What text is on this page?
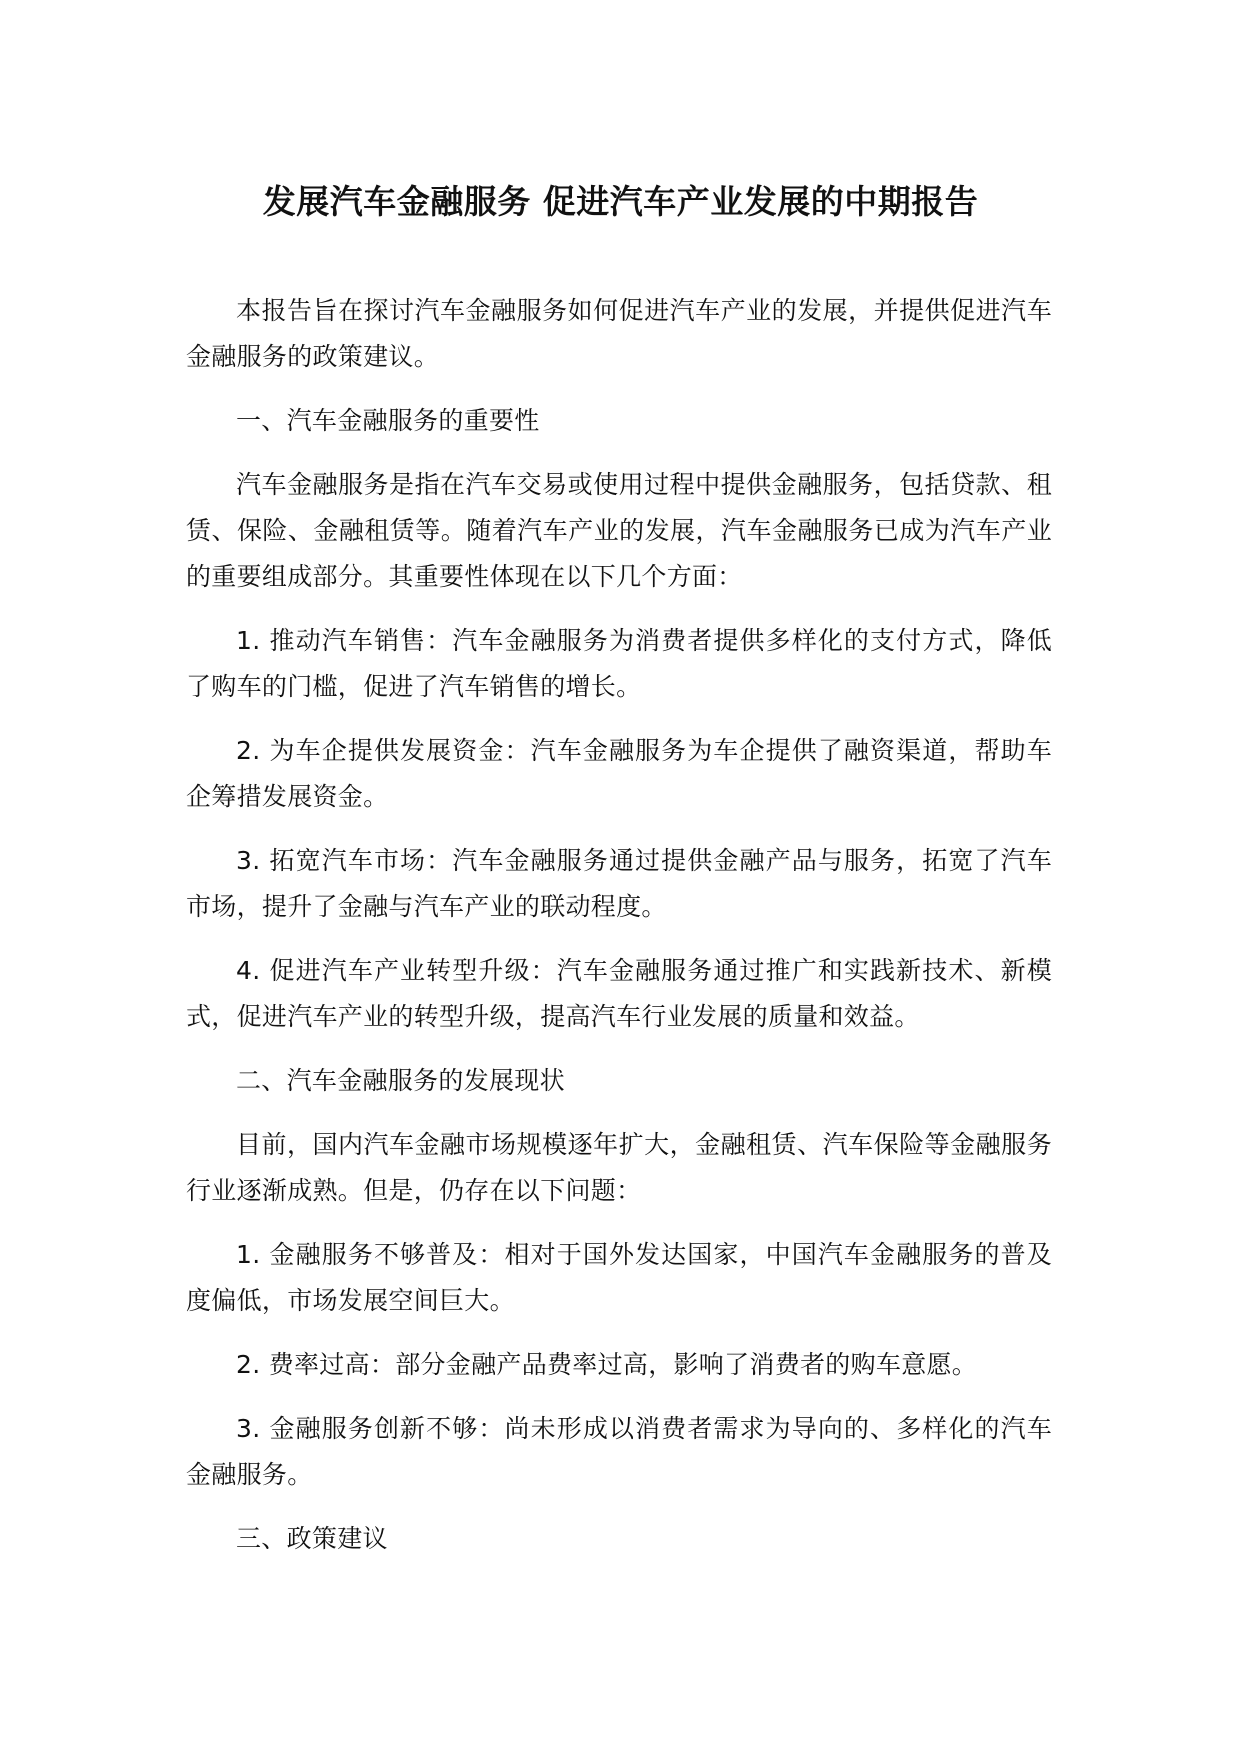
发展汽车金融服务 促进汽车产业发展的中期报告

本报告旨在探讨汽车金融服务如何促进汽车产业的发展，并提供促进汽车金融服务的政策建议。

一、汽车金融服务的重要性

汽车金融服务是指在汽车交易或使用过程中提供金融服务，包括贷款、租赁、保险、金融租赁等。随着汽车产业的发展，汽车金融服务已成为汽车产业的重要组成部分。其重要性体现在以下几个方面：

1. 推动汽车销售：汽车金融服务为消费者提供多样化的支付方式，降低了购车的门槛，促进了汽车销售的增长。

2. 为车企提供发展资金：汽车金融服务为车企提供了融资渠道，帮助车企筹措发展资金。

3. 拓宽汽车市场：汽车金融服务通过提供金融产品与服务，拓宽了汽车市场，提升了金融与汽车产业的联动程度。

4. 促进汽车产业转型升级：汽车金融服务通过推广和实践新技术、新模式，促进汽车产业的转型升级，提高汽车行业发展的质量和效益。

二、汽车金融服务的发展现状

目前，国内汽车金融市场规模逐年扩大，金融租赁、汽车保险等金融服务行业逐渐成熟。但是，仍存在以下问题：

1. 金融服务不够普及：相对于国外发达国家，中国汽车金融服务的普及度偏低，市场发展空间巨大。

2. 费率过高：部分金融产品费率过高，影响了消费者的购车意愿。

3. 金融服务创新不够：尚未形成以消费者需求为导向的、多样化的汽车金融服务。

三、政策建议
